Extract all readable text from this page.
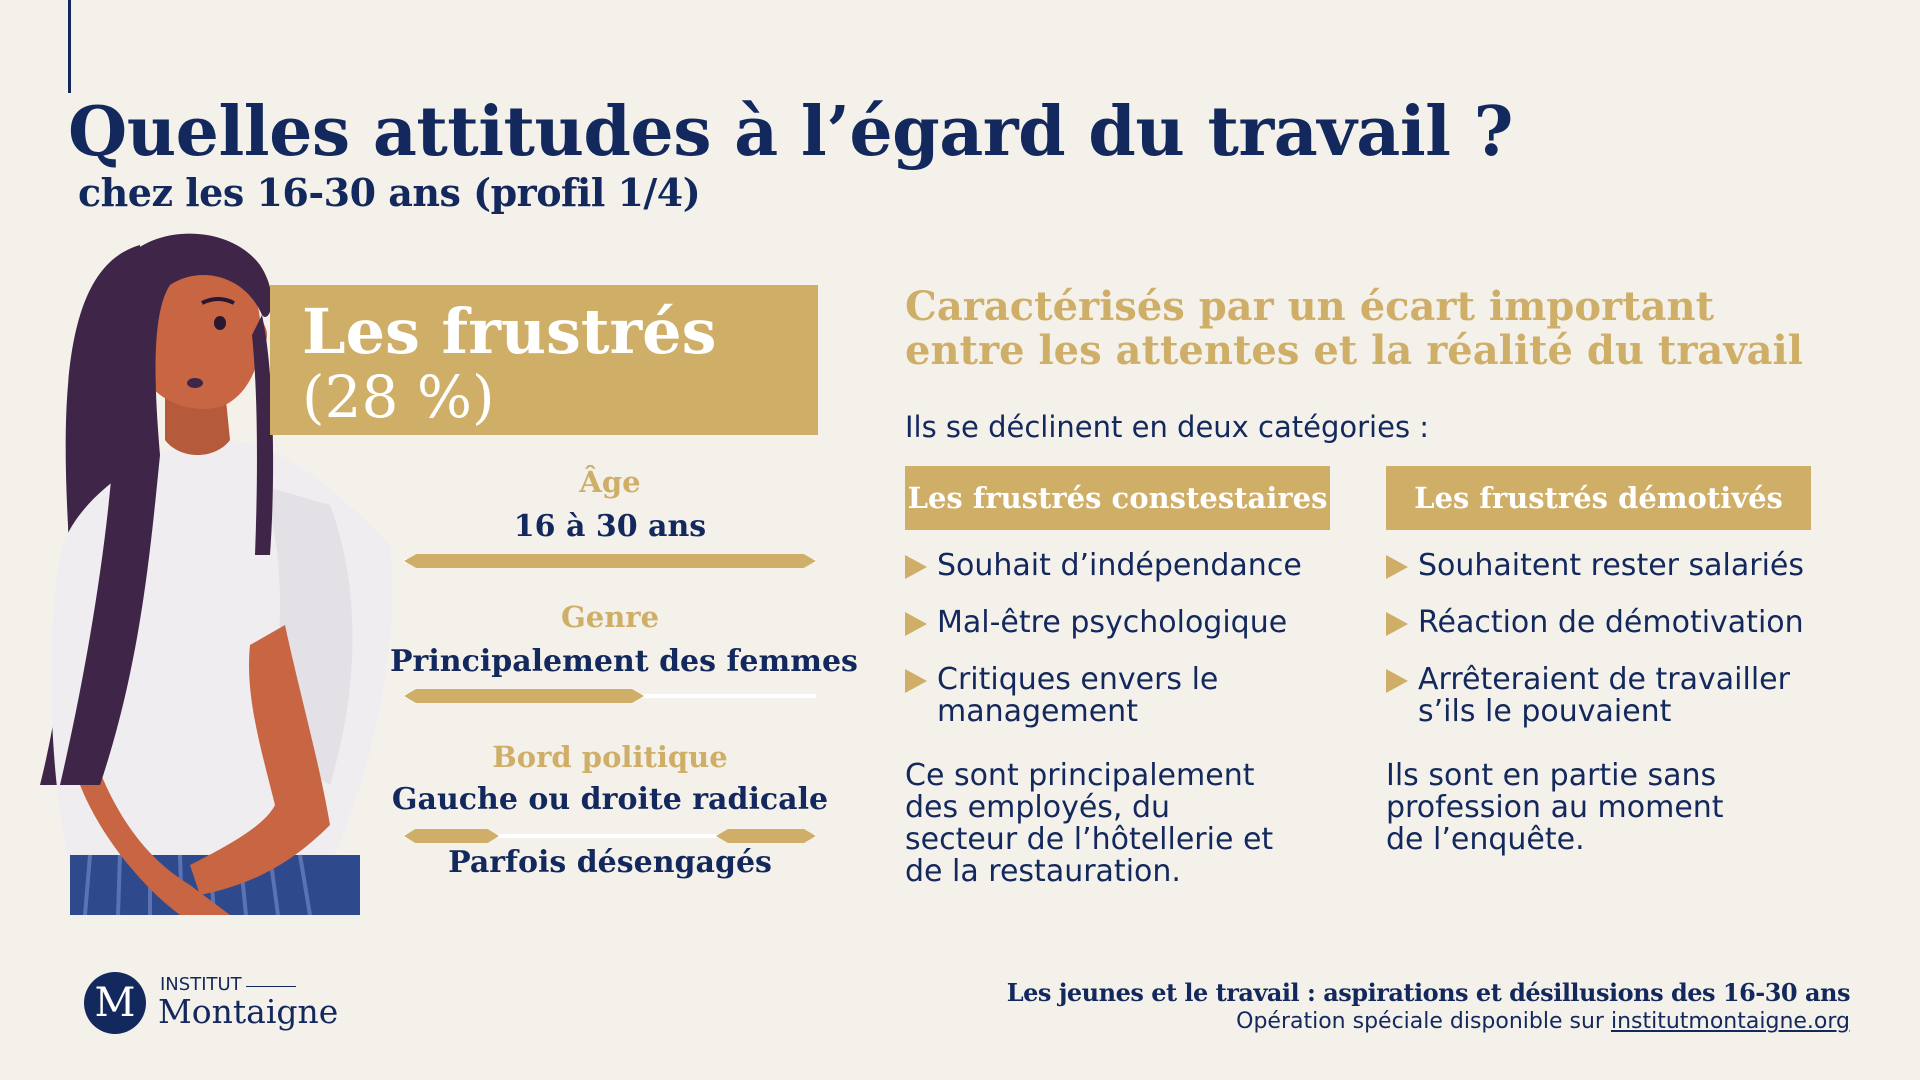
Quelles attitudes à l’égard du travail ?
chez les 16-30 ans (profil 1/4)
Les frustrés
(28 %)
Âge
16 à 30 ans
Genre
Principalement des femmes
Bord politique
Gauche ou droite radicale
Parfois désengagés
Caractérisés par un écart important
entre les attentes et la réalité du travail
Ils se déclinent en deux catégories :
Les frustrés constestaires
Souhait d’indépendance
Mal-être psychologique
Critiques envers le management
Ce sont principalement des employés, du secteur de l’hôtellerie et de la restauration.
Les frustrés démotivés
Souhaitent rester salariés
Réaction de démotivation
Arrêteraient de travailler s’ils le pouvaient
Ils sont en partie sans profession au moment de l’enquête.
M	INSTITUT
Montaigne	Les jeunes et le travail : aspirations et désillusions des 16-30 ans
Opération spéciale disponible sur institutmontaigne.org
